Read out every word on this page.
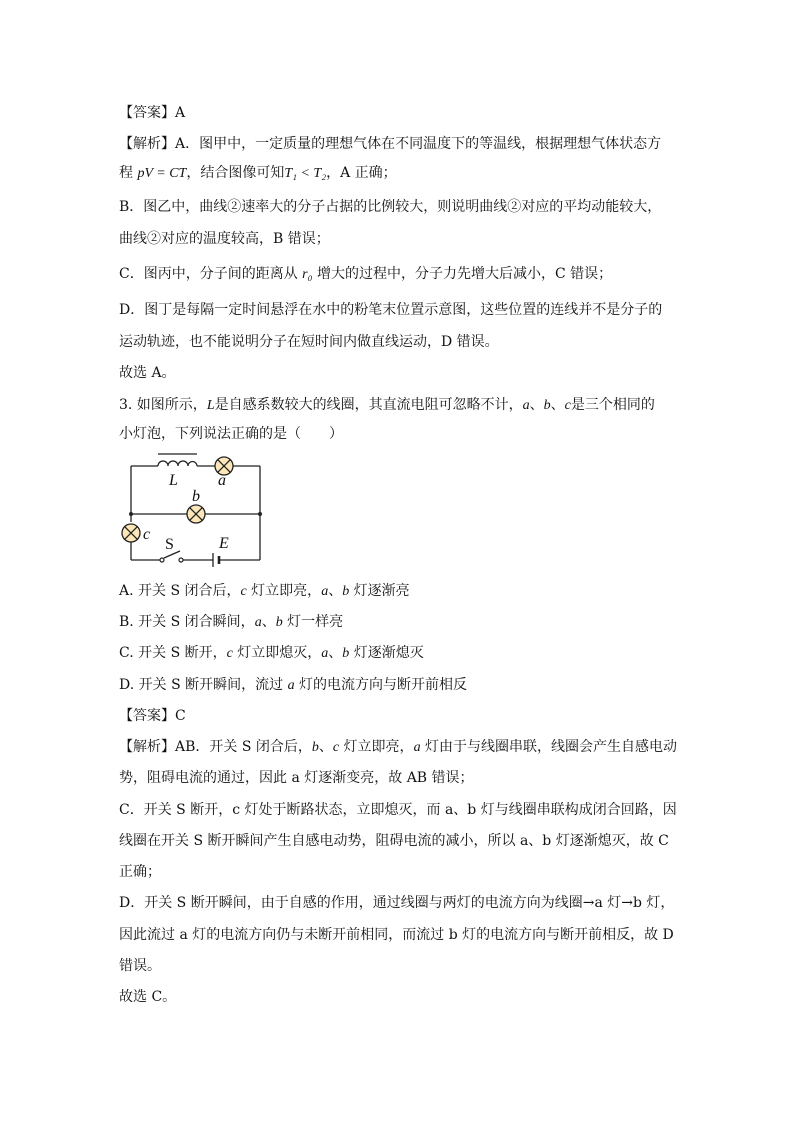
【答案】A
【解析】A．图甲中，一定质量的理想气体在不同温度下的等温线，根据理想气体状态方
程 pV = CT，结合图像可知T₁ < T₂，A 正确；
B．图乙中，曲线②速率大的分子占据的比例较大，则说明曲线②对应的平均动能较大，
曲线②对应的温度较高，B 错误；
C．图丙中，分子间的距离从 r₀ 增大的过程中，分子力先增大后减小，C 错误；
D．图丁是每隔一定时间悬浮在水中的粉笔末位置示意图，这些位置的连线并不是分子的
运动轨迹，也不能说明分子在短时间内做直线运动，D 错误。
故选 A。
3. 如图所示，L是自感系数较大的线圈，其直流电阻可忽略不计，a、b、c是三个相同的
小灯泡，下列说法正确的是（　　）
L	a
b
c
S	E
A. 开关 S 闭合后，c 灯立即亮，a、b 灯逐渐亮
B. 开关 S 闭合瞬间，a、b 灯一样亮
C. 开关 S 断开，c 灯立即熄灭，a、b 灯逐渐熄灭
D. 开关 S 断开瞬间，流过 a 灯的电流方向与断开前相反
【答案】C
【解析】AB．开关 S 闭合后，b、c 灯立即亮，a 灯由于与线圈串联，线圈会产生自感电动
势，阻碍电流的通过，因此 a 灯逐渐变亮，故 AB 错误；
C．开关 S 断开，c 灯处于断路状态，立即熄灭，而 a、b 灯与线圈串联构成闭合回路，因
线圈在开关 S 断开瞬间产生自感电动势，阻碍电流的减小，所以 a、b 灯逐渐熄灭，故 C
正确；
D．开关 S 断开瞬间，由于自感的作用，通过线圈与两灯的电流方向为线圈→a 灯→b 灯，
因此流过 a 灯的电流方向仍与未断开前相同，而流过 b 灯的电流方向与断开前相反，故 D
错误。
故选 C。
